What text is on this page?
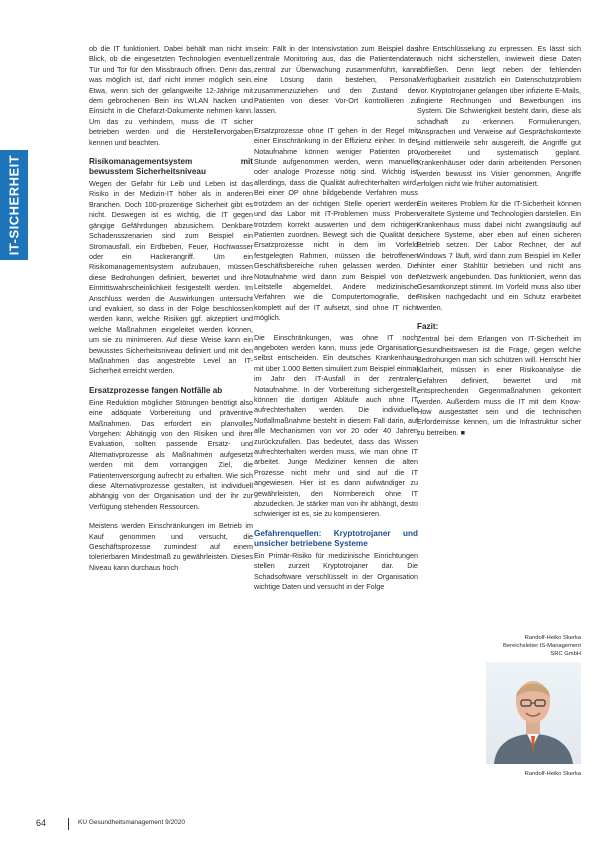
IT-SICHERHEIT

ob die IT funktioniert. Dabei behält man nicht im Blick, ob die eingesetzten Technologien eventuell Tür und Tor für den Missbrauch öffnen. Denn das, was möglich ist, darf nicht immer möglich sein. Etwa, wenn sich der gelangweilte 12-Jährige mit dem gebrochenen Bein ins WLAN hacken und Einsicht in die Chefarzt-Dokumente nehmen kann. Um das zu verhindern, muss die IT sicher betrieben werden und die Herstellervorgaben kennen und beachten.

Risikomanagementsystem mit bewusstem Sicherheitsniveau

Wegen der Gefahr für Leib und Leben ist das Risiko in der Medizin-IT höher als in anderen Branchen. Doch 100-prozentige Sicherheit gibt es nicht. Deswegen ist es wichtig, die IT gegen gängige Gefährdungen abzusichern. Denkbare Schadensszenarien sind zum Beispiel ein Stromausfall, ein Erdbeben, Feuer, Hochwasser oder ein Hackerangriff. Um ein Risikomanagementsystem aufzubauen, müssen diese Bedrohungen definiert, bewertet und ihre Eintrittswahrscheinlichkeit festgestellt werden. Im Anschluss werden die Auswirkungen untersucht und evaluiert, so dass in der Folge beschlossen werden kann, welche Risiken ggf. akzeptiert und welche Maßnahmen eingeleitet werden können, um sie zu minimieren. Auf diese Weise kann ein bewusstes Sicherheitsniveau definiert und mit den Maßnahmen das angestrebte Level an IT-Sicherheit erreicht werden.

Ersatzprozesse fangen Notfälle ab

Eine Reduktion möglicher Störungen benötigt also eine adäquate Vorbereitung und präventive Maßnahmen. Das erfordert ein planvolles Vorgehen: Abhängig von den Risiken und ihrer Evaluation, sollten passende Ersatz- und Alternativprozesse als Maßnahmen aufgesetzt werden mit dem vorrangigen Ziel, die Patientenversorgung aufrecht zu erhalten. Wie sich diese Alternativprozesse gestalten, ist individuell abhängig von der Organisation und der ihr zur Verfügung stehenden Ressourcen.

Meistens werden Einschränkungen im Betrieb im Kauf genommen und versucht, die Geschäftsprozesse zumindest auf einem tolerierbaren Mindestmaß zu gewährleisten. Dieses Niveau kann durchaus hoch

sein: Fällt in der Intensivstation zum Beispiel das zentrale Monitoring aus, das die Patientendaten zentral zur Überwachung zusammenführt, kann eine Lösung darin bestehen, Personal zusammenzuziehen und den Zustand der Patienten von dieser Vor-Ort kontrollieren zu lassen.

Ersatzprozesse ohne IT gehen in der Regel mit einer Einschränkung in der Effizienz einher. In der Notaufnahme können weniger Patienten pro Stunde aufgenommen werden, wenn manuelle oder analoge Prozesse nötig sind. Wichtig ist allerdings, dass die Qualität aufrechterhalten wird. Bei einer OP ohne bildgebende Verfahren muss trotzdem an der richtigen Stelle operiert werden und das Labor mit IT-Problemen muss Proben trotzdem korrekt auswerten und dem richtigen Patienten zuordnen. Bewegt sich die Qualität der Ersatzprozesse nicht in dem im Vorfeld festgelegten Rahmen, müssen die betroffenen Geschäftsbereiche ruhen gelassen werden. Die Notaufnahme wird dann zum Beispiel von der Leitstelle abgemeldet. Andere medizinische Verfahren wie die Computertomografie, der komplett auf der IT aufsetzt, sind ohne IT nicht möglich.

Die Einschränkungen, was ohne IT noch angeboten werden kann, muss jede Organisation selbst entscheiden. Ein deutsches Krankenhaus mit über 1.000 Betten simuliert zum Beispiel einmal im Jahr den IT-Ausfall in der zentralen Notaufnahme. In der Vorbereitung sichergestellt, können die dortigen Abläufe auch ohne IT aufrechterhalten werden. Die individuelle Notfallmaßnahme besteht in diesem Fall darin, auf alle Mechanismen von vor 20 oder 40 Jahren zurückzufallen. Das bedeutet, dass das Wissen aufrechterhalten werden muss, wie man ohne IT arbeitet. Junge Mediziner kennen die alten Prozesse nicht mehr und sind auf die IT angewiesen. Hier ist es dann aufwändiger zu gewährleisten, den Normbereich ohne IT abzudecken. Je stärker man von ihr abhängt, desto schwieriger ist es, sie zu kompensieren.

Gefahrenquellen: Kryptotrojaner und unsicher betriebene Systeme

Ein Primär-Risiko für medizinische Einrichtungen stellen zurzeit Kryptotrojaner dar. Die Schadsoftware verschlüsselt in der Organisation wichtige Daten und versucht in der Folge

ihre Entschlüsselung zu erpressen. Es lässt sich auch nicht sicherstellen, inwieweit diese Daten abfließen. Denn liegt neben der fehlenden Verfügbarkeit zusätzlich ein Datenschutzproblem vor. Kryptotrojaner gelangen über infizierte E-Mails, fingierte Rechnungen und Bewerbungen ins System. Die Schwierigkeit besteht darin, diese als schadhaft zu erkennen. Formulierungen, Ansprachen und Verweise auf Gesprächskontexte sind mittlerweile sehr ausgereift, die Angriffe gut vorbereitet und systematisch geplant. Krankenhäuser oder darin arbeitenden Personen werden bewusst ins Visier genommen, Angriffe erfolgen nicht wie früher automatisiert.

Ein weiteres Problem für die IT-Sicherheit können veraltete Systeme und Technologien darstellen. Ein Krankenhaus muss dabei nicht zwangsläufig auf sichere Systeme, aber eben auf einen sicheren Betrieb setzen. Der Labor Rechner, der auf Windows 7 läuft, wird dann zum Beispiel im Keller hinter einer Stahltür betrieben und nicht ans Netzwerk angebunden. Das funktioniert, wenn das Gesamtkonzept stimmt. Im Vorfeld muss also über Risiken nachgedacht und ein Schutz erarbeitet werden.

Fazit:

Zentral bei dem Erlangen von IT-Sicherheit im Gesundheitswesen ist die Frage, gegen welche Bedrohungen man sich schützen will. Herrscht hier Klarheit, müssen in einer Risikoanalyse die Gefahren definiert, bewertet und mit entsprechenden Gegenmaßnahmen gekontert werden. Außerdem muss die IT mit dem Know-How ausgestattet sein und die technischen Erfordernisse kennen, um die Infrastruktur sicher zu betreiben. ■

Randolf-Heiko Skerka
Bereichsleiter IS-Management
SRC GmbH
Randolf-Heiko Skerka
64	KU Gesundheitsmanagement 9/2020
